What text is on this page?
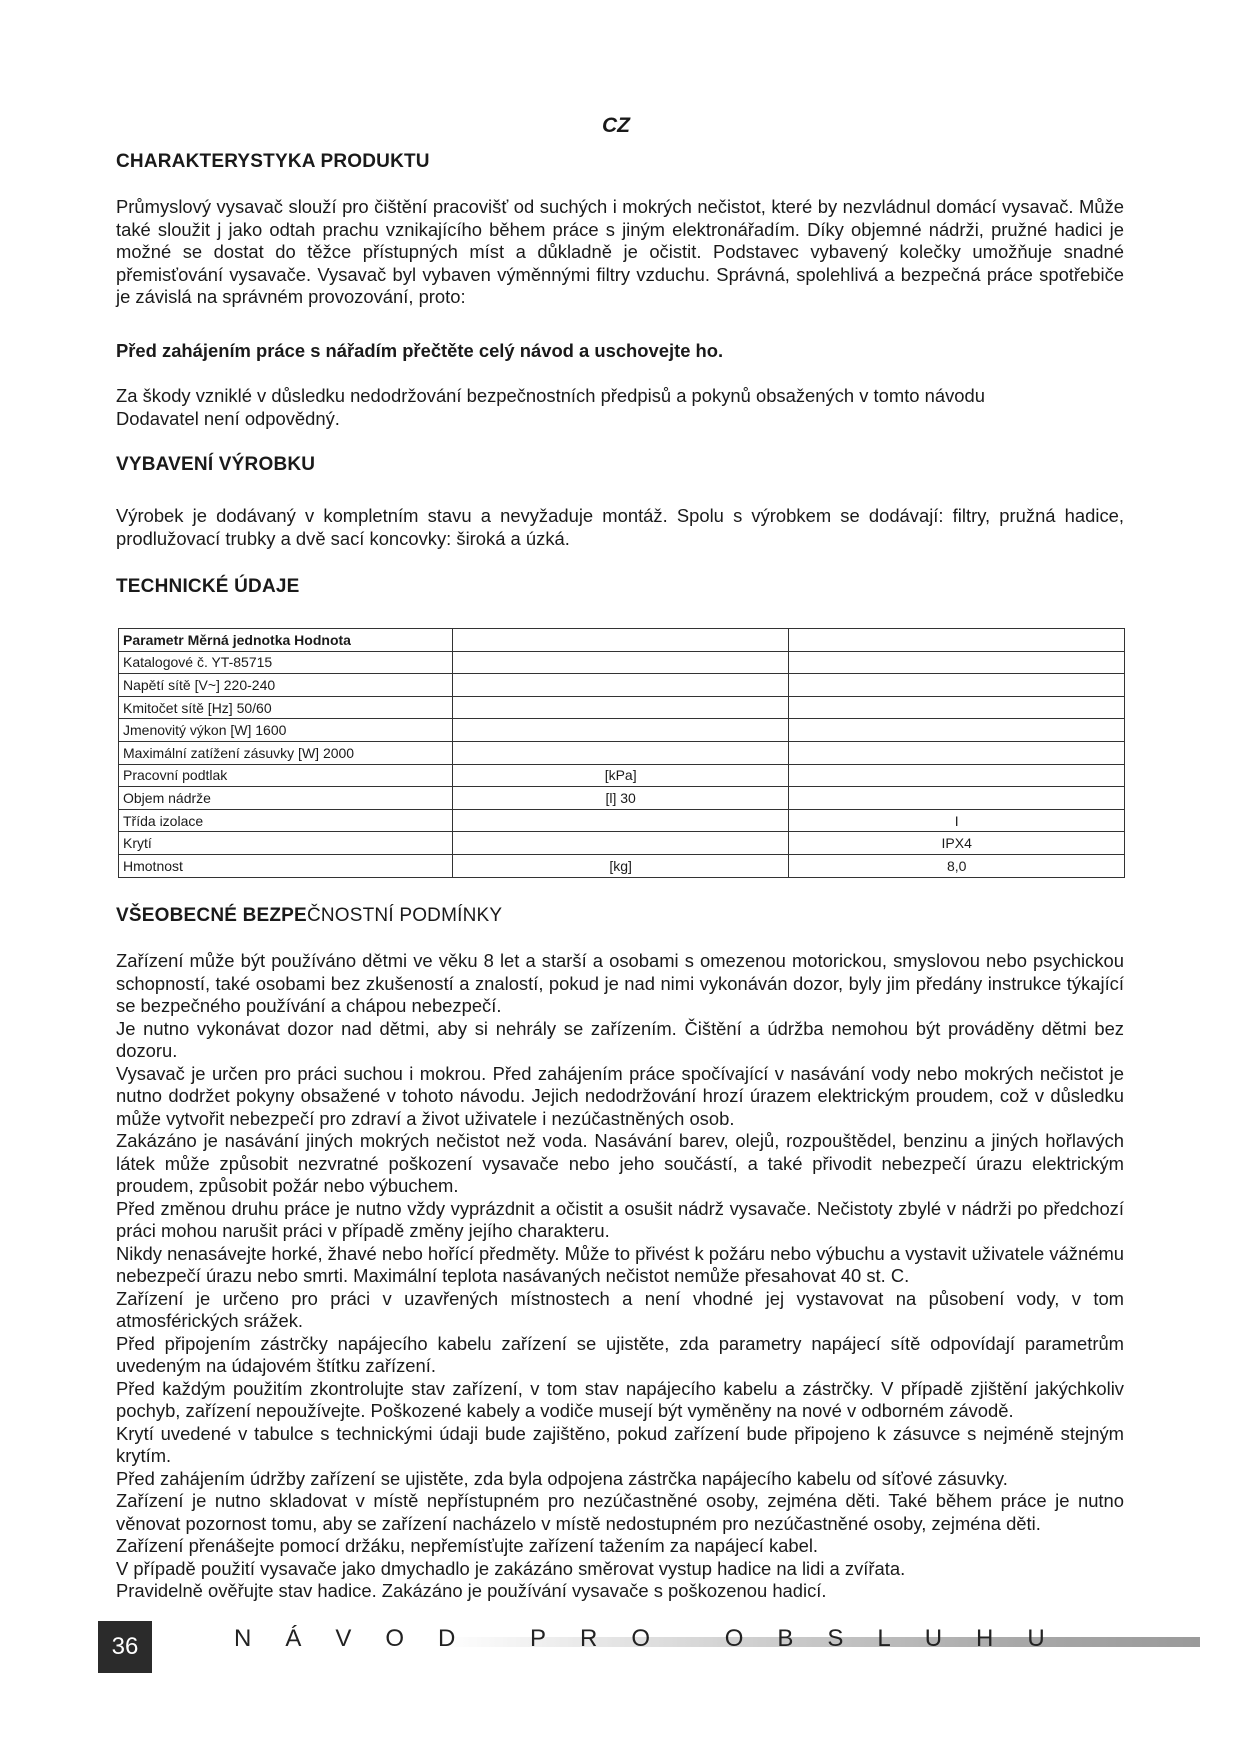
CZ
CHARAKTERYSTYKA PRODUKTU

Průmyslový vysavač slouží pro čištění pracovišť od suchých i mokrých nečistot, které by nezvládnul domácí vysavač. Může také sloužit j jako odtah prachu vznikajícího během práce s jiným elektronářadím. Díky objemné nádrži, pružné hadici je možné se dostat do těžce přístupných míst a důkladně je očistit. Podstavec vybavený kolečky umožňuje snadné přemisťování vysavače. Vysavač byl vybaven výměnnými filtry vzduchu. Správná, spolehlivá a bezpečná práce spotřebiče je závislá na správném provozování, proto:

Před zahájením práce s nářadím přečtěte celý návod a uschovejte ho.

Za škody vzniklé v důsledku nedodržování bezpečnostních předpisů a pokynů obsažených v tomto návodu
Dodavatel není odpovědný.

VYBAVENÍ VÝROBKU

Výrobek je dodávaný v kompletním stavu a nevyžaduje montáž. Spolu s výrobkem se dodávají: filtry, pružná hadice, prodlužovací trubky a dvě sací koncovky: široká a úzká.

TECHNICKÉ ÚDAJE
Parametr Měrná jednotka Hodnota		
Katalogové č. YT-85715		
Napětí sítě [V~] 220-240		
Kmitočet sítě [Hz] 50/60		
Jmenovitý výkon [W] 1600		
Maximální zatížení zásuvky [W] 2000		
Pracovní podtlak	[kPa]	
Objem nádrže	[l] 30	
Třída izolace		I
Krytí		IPX4
Hmotnost	[kg]	8,0
VŠEOBECNÉ BEZPEČNOSTNÍ PODMÍNKY
Zařízení může být používáno dětmi ve věku 8 let a starší a osobami s omezenou motorickou, smyslovou nebo psychickou schopností, také osobami bez zkušeností a znalostí, pokud je nad nimi vykonáván dozor, byly jim předány instrukce týkající se bezpečného používání a chápou nebezpečí.
Je nutno vykonávat dozor nad dětmi, aby si nehrály se zařízením. Čištění a údržba nemohou být prováděny dětmi bez dozoru.
Vysavač je určen pro práci suchou i mokrou. Před zahájením práce spočívající v nasávání vody nebo mokrých nečistot je nutno dodržet pokyny obsažené v tohoto návodu. Jejich nedodržování hrozí úrazem elektrickým proudem, což v důsledku může vytvořit nebezpečí pro zdraví a život uživatele i nezúčastněných osob.
Zakázáno je nasávání jiných mokrých nečistot než voda. Nasávání barev, olejů, rozpouštědel, benzinu a jiných hořlavých látek může způsobit nezvratné poškození vysavače nebo jeho součástí, a také přivodit nebezpečí úrazu elektrickým proudem, způsobit požár nebo výbuchem.
Před změnou druhu práce je nutno vždy vyprázdnit a očistit a osušit nádrž vysavače. Nečistoty zbylé v nádrži po předchozí práci mohou narušit práci v případě změny jejího charakteru.
Nikdy nenasávejte horké, žhavé nebo hořící předměty. Může to přivést k požáru nebo výbuchu a vystavit uživatele vážnému nebezpečí úrazu nebo smrti. Maximální teplota nasávaných nečistot nemůže přesahovat 40 st. C.
Zařízení je určeno pro práci v uzavřených místnostech a není vhodné jej vystavovat na působení vody, v tom atmosférických srážek.
Před připojením zástrčky napájecího kabelu zařízení se ujistěte, zda parametry napájecí sítě odpovídají parametrům uvedeným na údajovém štítku zařízení.
Před každým použitím zkontrolujte stav zařízení, v tom stav napájecího kabelu a zástrčky. V případě zjištění jakýchkoliv pochyb, zařízení nepoužívejte. Poškozené kabely a vodiče musejí být vyměněny na nové v odborném závodě.
Krytí uvedené v tabulce s technickými údaji bude zajištěno, pokud zařízení bude připojeno k zásuvce s nejméně stejným krytím.
Před zahájením údržby zařízení se ujistěte, zda byla odpojena zástrčka napájecího kabelu od síťové zásuvky.
Zařízení je nutno skladovat v místě nepřístupném pro nezúčastněné osoby, zejména děti. Také během práce je nutno věnovat pozornost tomu, aby se zařízení nacházelo v místě nedostupném pro nezúčastněné osoby, zejména děti.
Zařízení přenášejte pomocí držáku, nepřemísťujte zařízení tažením za napájecí kabel.
V případě použití vysavače jako dmychadlo je zakázáno směrovat vystup hadice na lidi a zvířata.
Pravidelně ověřujte stav hadice. Zakázáno je používání vysavače s poškozenou hadicí.
36	NÁVOD PRO OBSLUHU
